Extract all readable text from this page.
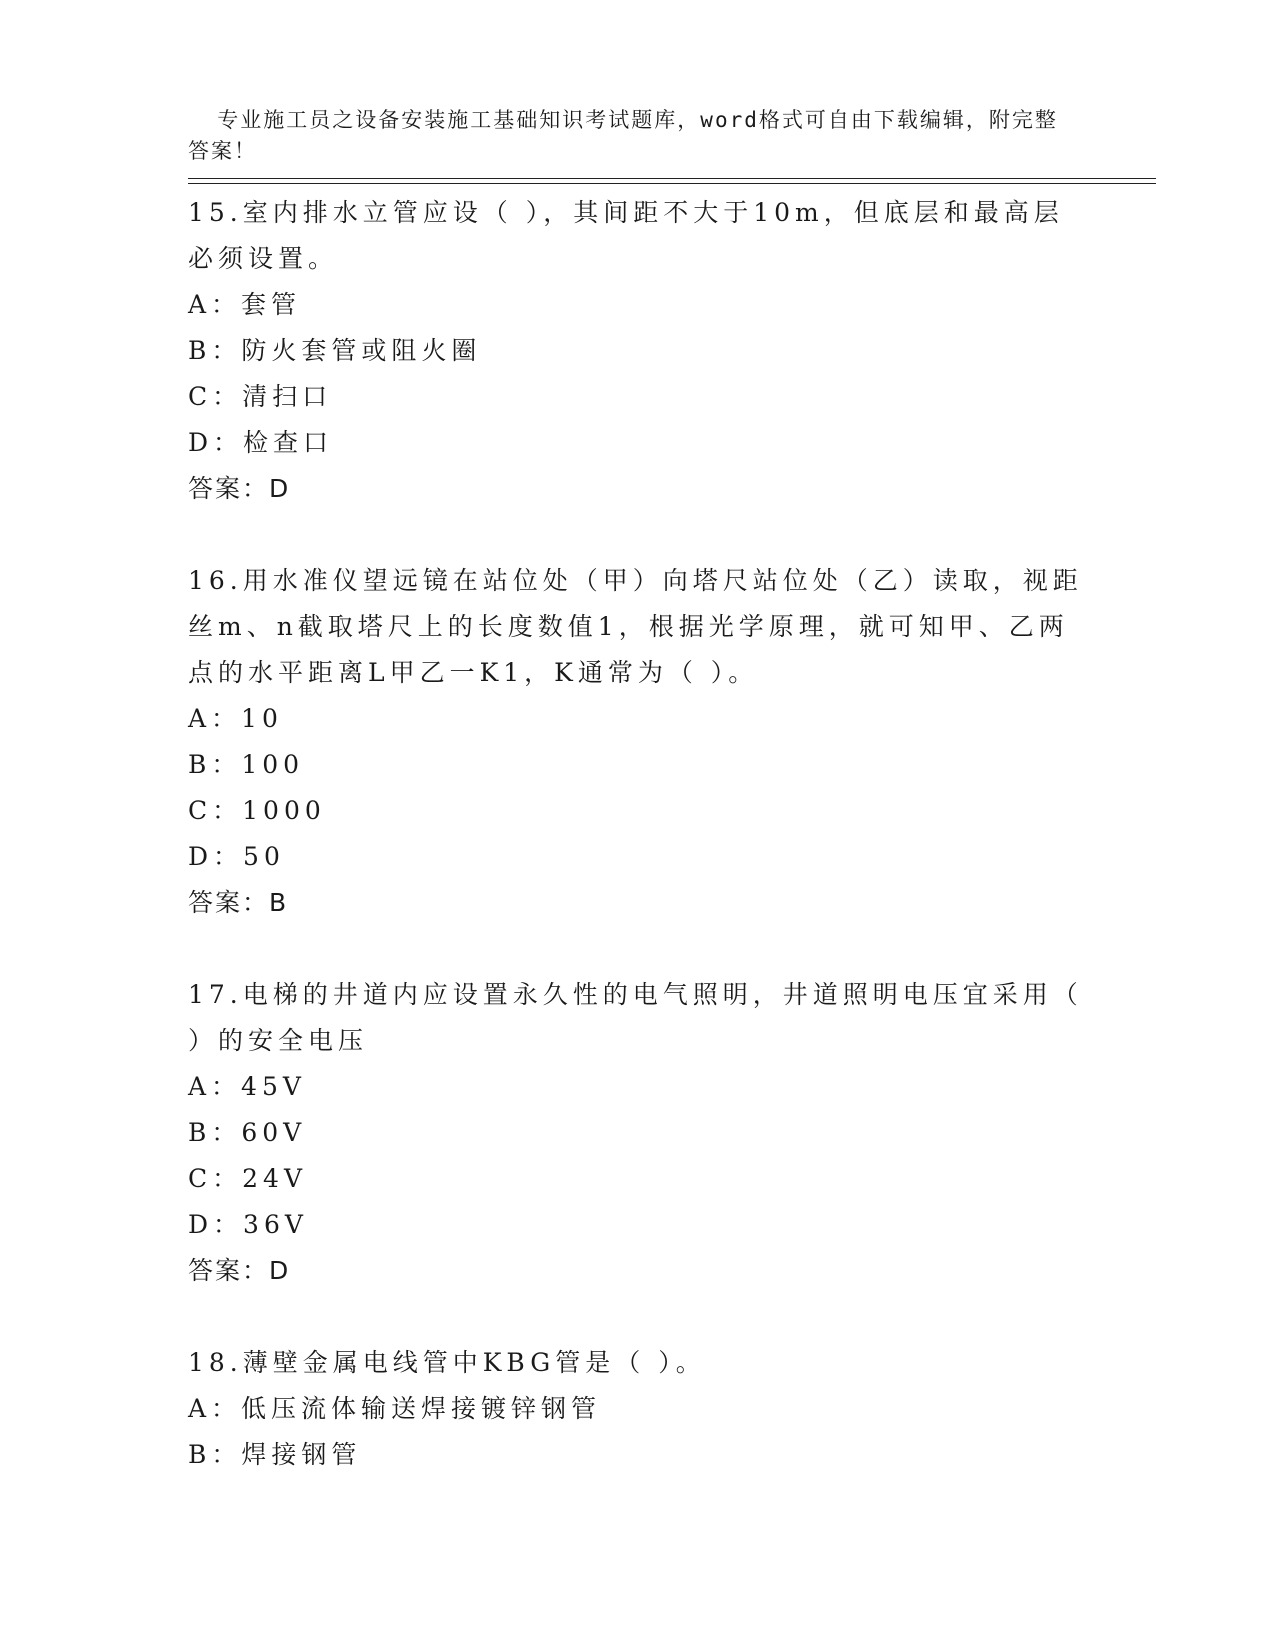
专业施工员之设备安装施工基础知识考试题库，word格式可自由下载编辑，附完整答案！

15.室内排水立管应设（ ），其间距不大于10m，但底层和最高层必须设置。

A：套管

B：防火套管或阻火圈

C：清扫口

D：检查口

答案：D

16.用水准仪望远镜在站位处（甲）向塔尺站位处（乙）读取，视距丝m、n截取塔尺上的长度数值1，根据光学原理，就可知甲、乙两点的水平距离L甲乙一K1，K通常为（ ）。

A：10

B：100

C：1000

D：50

答案：B

17.电梯的井道内应设置永久性的电气照明，井道照明电压宜采用（ ）的安全电压

A：45V

B：60V

C：24V

D：36V

答案：D

18.薄壁金属电线管中KBG管是（ ）。

A：低压流体输送焊接镀锌钢管

B：焊接钢管
